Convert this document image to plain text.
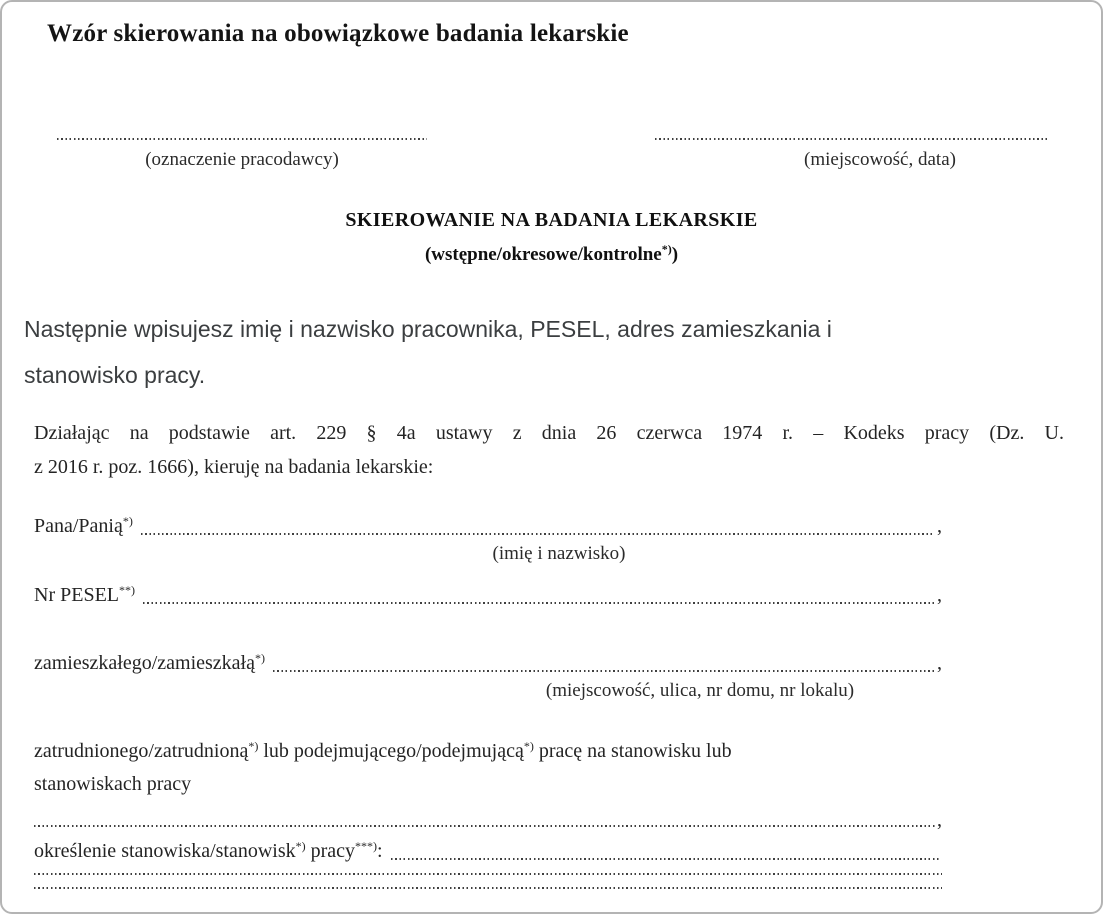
Wzór skierowania na obowiązkowe badania lekarskie
(oznaczenie pracodawcy)	(miejscowość, data)
SKIEROWANIE NA BADANIA LEKARSKIE
(wstępne/okresowe/kontrolne*))
Następnie wpisujesz imię i nazwisko pracownika, PESEL, adres zamieszkania i
stanowisko pracy.
Działając na podstawie art. 229 § 4a ustawy z dnia 26 czerwca 1974 r. – Kodeks pracy (Dz. U.
z 2016 r. poz. 1666), kieruję na badania lekarskie:
Pana/Panią*)	,
(imię i nazwisko)
Nr PESEL**)	,
zamieszkałego/zamieszkałą*)	,
(miejscowość, ulica, nr domu, nr lokalu)
zatrudnionego/zatrudnioną*) lub podejmującego/podejmującą*) pracę na stanowisku lub
stanowiskach pracy
,
określenie stanowiska/stanowisk*) pracy***):
